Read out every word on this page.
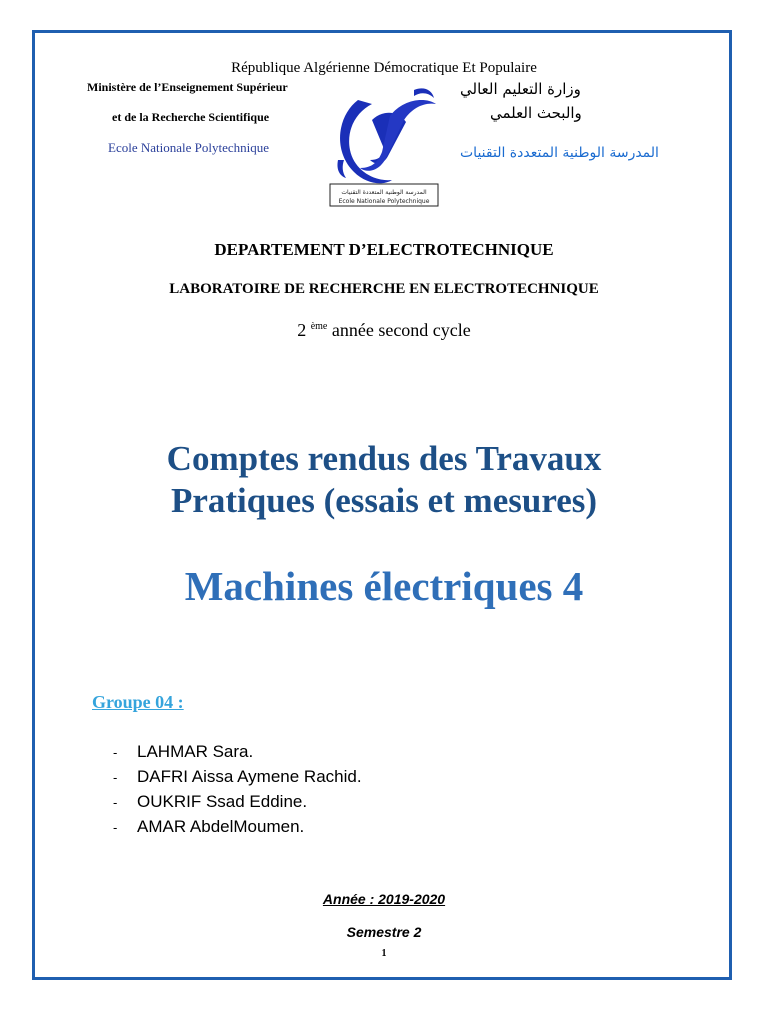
République Algérienne Démocratique Et Populaire
Ministère de l’Enseignement Supérieur
et de la Recherche Scientifique
Ecole Nationale Polytechnique
وزارة التعليم العالي
والبحث العلمي
المدرسة الوطنية المتعددة التقنيات
المدرسة الوطنية المتعددة التقنيات
Ecole Nationale Polytechnique
DEPARTEMENT D’ELECTROTECHNIQUE
LABORATOIRE DE RECHERCHE EN ELECTROTECHNIQUE
2 $^{ème}$ année second cycle
Comptes rendus des Travaux
Pratiques (essais et mesures)
Machines électriques 4
Groupe 04 :
- LAHMAR Sara.
- DAFRI Aissa Aymene Rachid.
- OUKRIF Ssad Eddine.
- AMAR AbdelMoumen.
Année : 2019-2020
Semestre 2
1
